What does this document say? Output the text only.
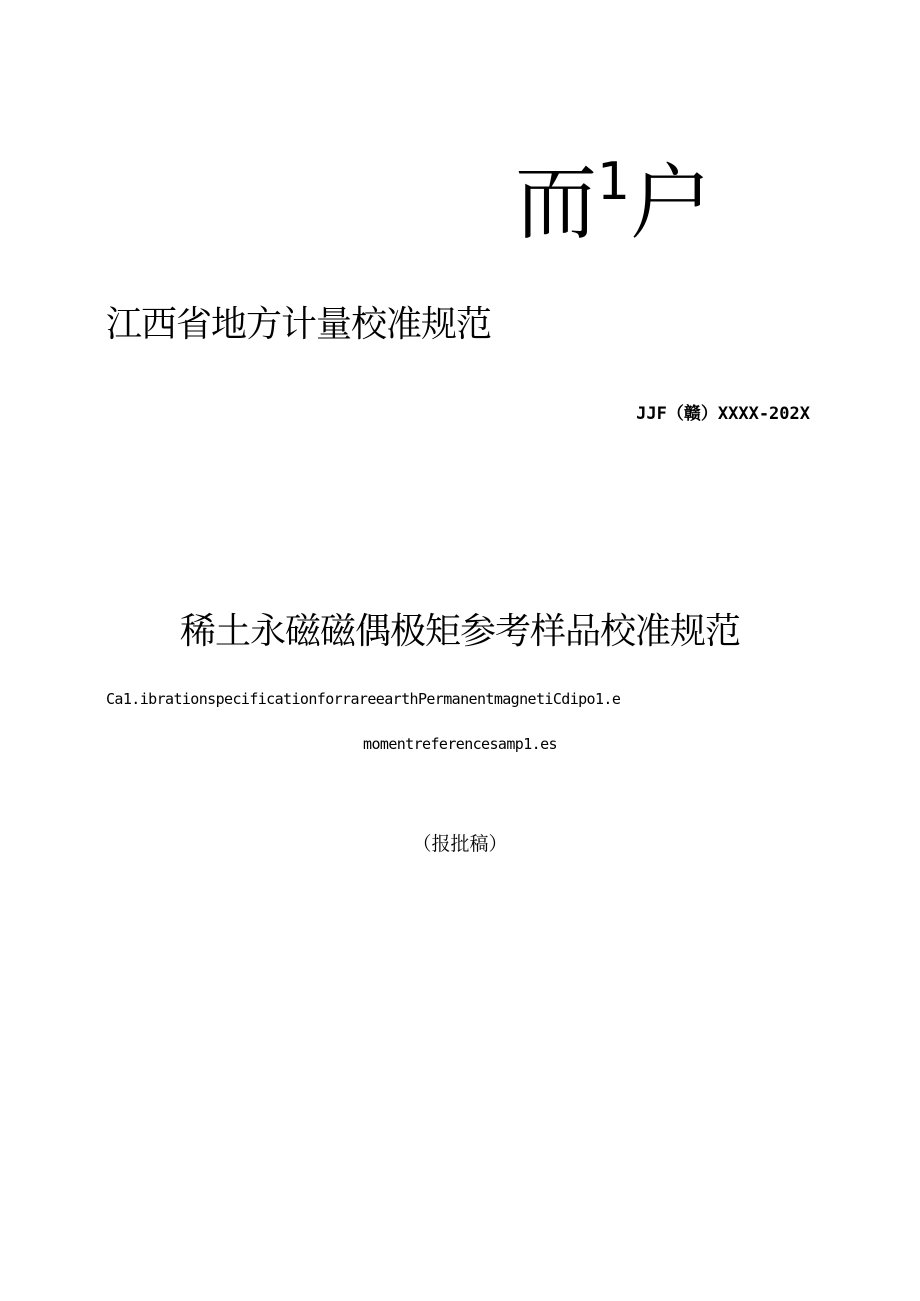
而 1 户
江西省地方计量校准规范
JJF（赣）XXXX-202X
稀土永磁磁偶极矩参考样品校准规范
Ca1.ibrationspecificationforrareearthPermanentmagnetiCdipo1.e
momentreferencesamp1.es
（报批稿）
